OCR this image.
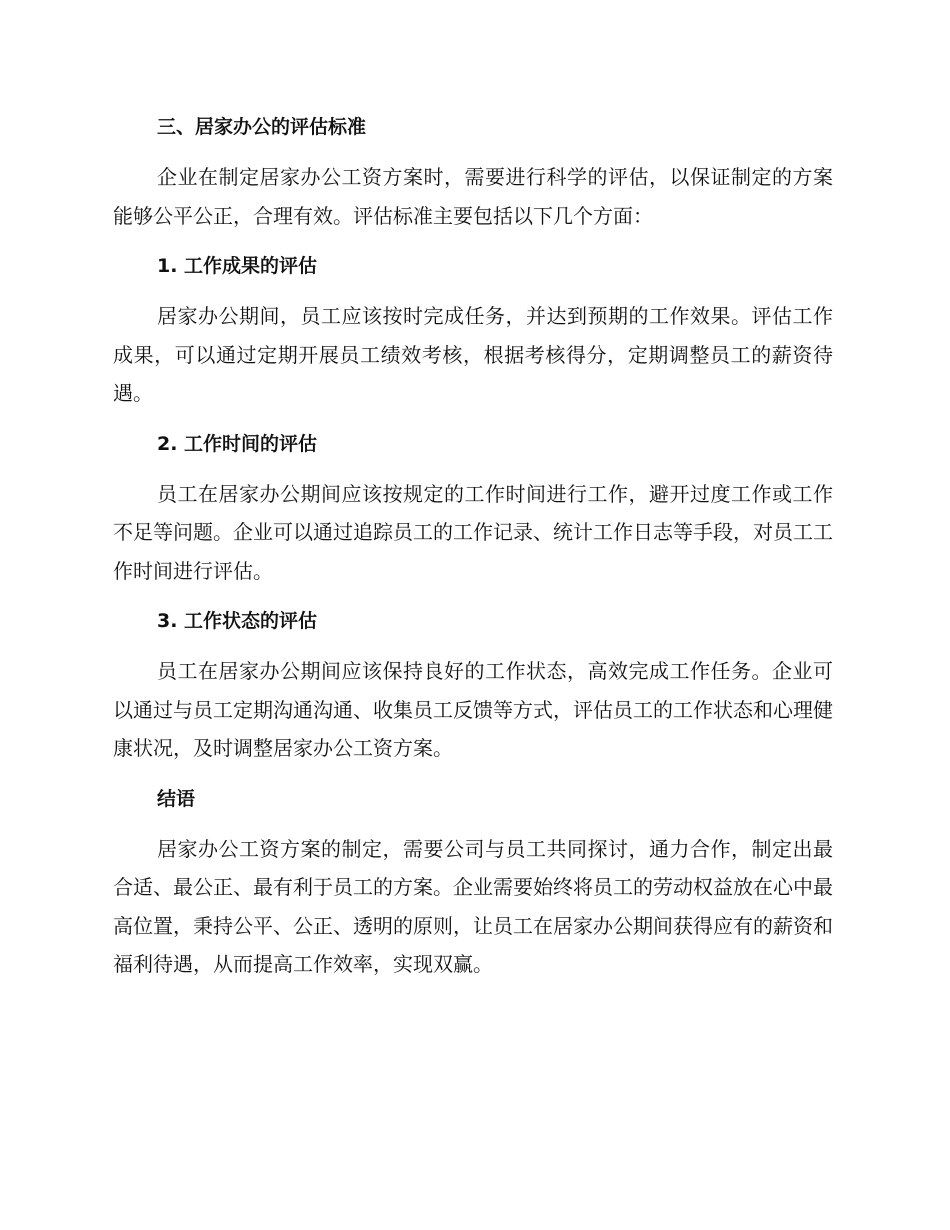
三、居家办公的评估标准

企业在制定居家办公工资方案时，需要进行科学的评估，以保证制定的方案能够公平公正，合理有效。评估标准主要包括以下几个方面：

1. 工作成果的评估

居家办公期间，员工应该按时完成任务，并达到预期的工作效果。评估工作成果，可以通过定期开展员工绩效考核，根据考核得分，定期调整员工的薪资待遇。

2. 工作时间的评估

员工在居家办公期间应该按规定的工作时间进行工作，避开过度工作或工作不足等问题。企业可以通过追踪员工的工作记录、统计工作日志等手段，对员工工作时间进行评估。

3. 工作状态的评估

员工在居家办公期间应该保持良好的工作状态，高效完成工作任务。企业可以通过与员工定期沟通沟通、收集员工反馈等方式，评估员工的工作状态和心理健康状况，及时调整居家办公工资方案。

结语

居家办公工资方案的制定，需要公司与员工共同探讨，通力合作，制定出最合适、最公正、最有利于员工的方案。企业需要始终将员工的劳动权益放在心中最高位置，秉持公平、公正、透明的原则，让员工在居家办公期间获得应有的薪资和福利待遇，从而提高工作效率，实现双赢。
